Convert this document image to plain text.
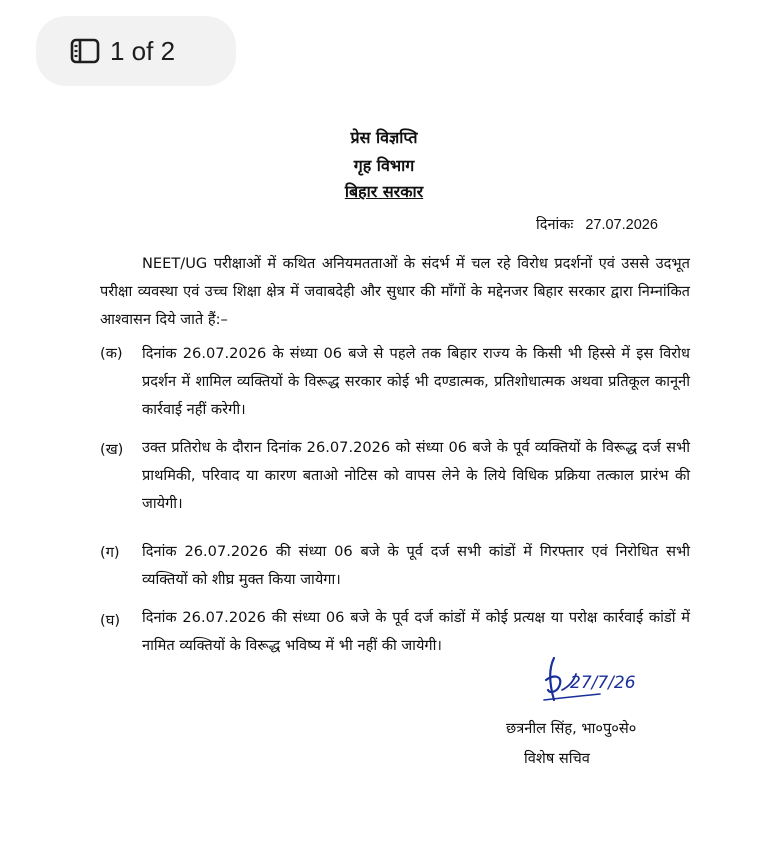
1 of 2
प्रेस विज्ञप्ति
गृह विभाग
बिहार सरकार
दिनांकः 27.07.2026
NEET/UG परीक्षाओं में कथित अनियमतताओं के संदर्भ में चल रहे विरोध प्रदर्शनों एवं उससे उदभूत परीक्षा व्यवस्था एवं उच्च शिक्षा क्षेत्र में जवाबदेही और सुधार की माँगों के मद्देनजर बिहार सरकार द्वारा निम्नांकित आश्वासन दिये जाते हैं:–
(क) दिनांक 26.07.2026 के संध्या 06 बजे से पहले तक बिहार राज्य के किसी भी हिस्से में इस विरोध प्रदर्शन में शामिल व्यक्तियों के विरूद्ध सरकार कोई भी दण्डात्मक, प्रतिशोधात्मक अथवा प्रतिकूल कानूनी कार्रवाई नहीं करेगी।
(ख) उक्त प्रतिरोध के दौरान दिनांक 26.07.2026 को संध्या 06 बजे के पूर्व व्यक्तियों के विरूद्ध दर्ज सभी प्राथमिकी, परिवाद या कारण बताओ नोटिस को वापस लेने के लिये विधिक प्रक्रिया तत्काल प्रारंभ की जायेगी।
(ग) दिनांक 26.07.2026 की संध्या 06 बजे के पूर्व दर्ज सभी कांडों में गिरफ्तार एवं निरोधित सभी व्यक्तियों को शीघ्र मुक्त किया जायेगा।
(घ) दिनांक 26.07.2026 की संध्या 06 बजे के पूर्व दर्ज कांडों में कोई प्रत्यक्ष या परोक्ष कार्रवाई कांडों में नामित व्यक्तियों के विरूद्ध भविष्य में भी नहीं की जायेगी।
27/7/26
छत्रनील सिंह, भा०पु०से०
विशेष सचिव
